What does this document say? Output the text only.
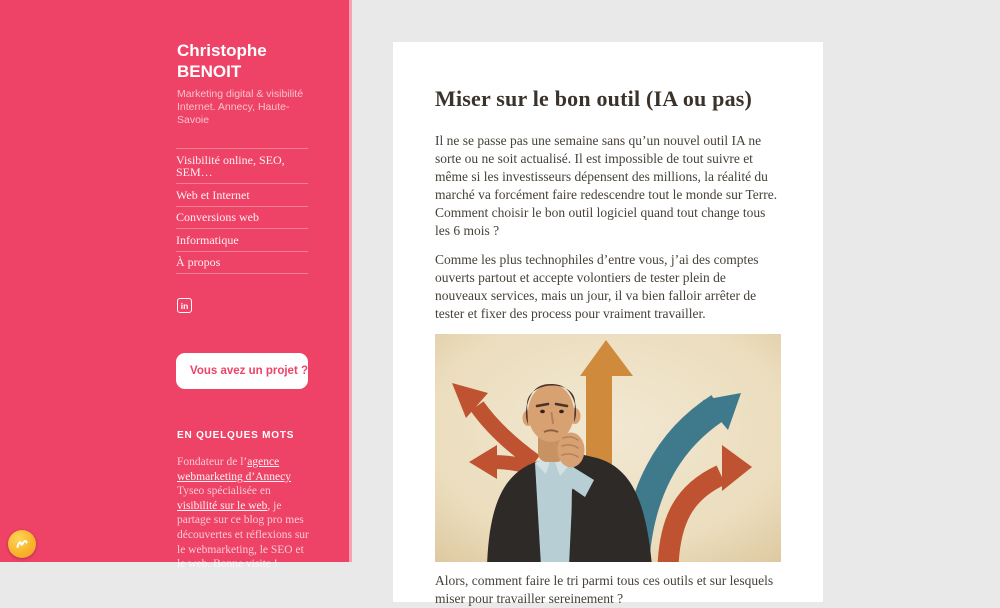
Christophe BENOIT

Marketing digital & visibilité Internet. Annecy, Haute-Savoie

Visibilité online, SEO, SEM…
Web et Internet
Conversions web
Informatique
À propos
in
Vous avez un projet ?
EN QUELQUES MOTS

Fondateur de l’agence webmarketing d’Annecy Tyseo spécialisée en visibilité sur le web, je partage sur ce blog pro mes découvertes et réflexions sur le webmarketing, le SEO et le web. Bonne visite !

Miser sur le bon outil (IA ou pas)

Il ne se passe pas une semaine sans qu’un nouvel outil IA ne sorte ou ne soit actualisé. Il est impossible de tout suivre et même si les investisseurs dépensent des millions, la réalité du marché va forcément faire redescendre tout le monde sur Terre. Comment choisir le bon outil logiciel quand tout change tous les 6 mois ?

Comme les plus technophiles d’entre vous, j’ai des comptes ouverts partout et accepte volontiers de tester plein de nouveaux services, mais un jour, il va bien falloir arrêter de tester et fixer des process pour vraiment travailler.

Alors, comment faire le tri parmi tous ces outils et sur lesquels miser pour travailler sereinement ?
